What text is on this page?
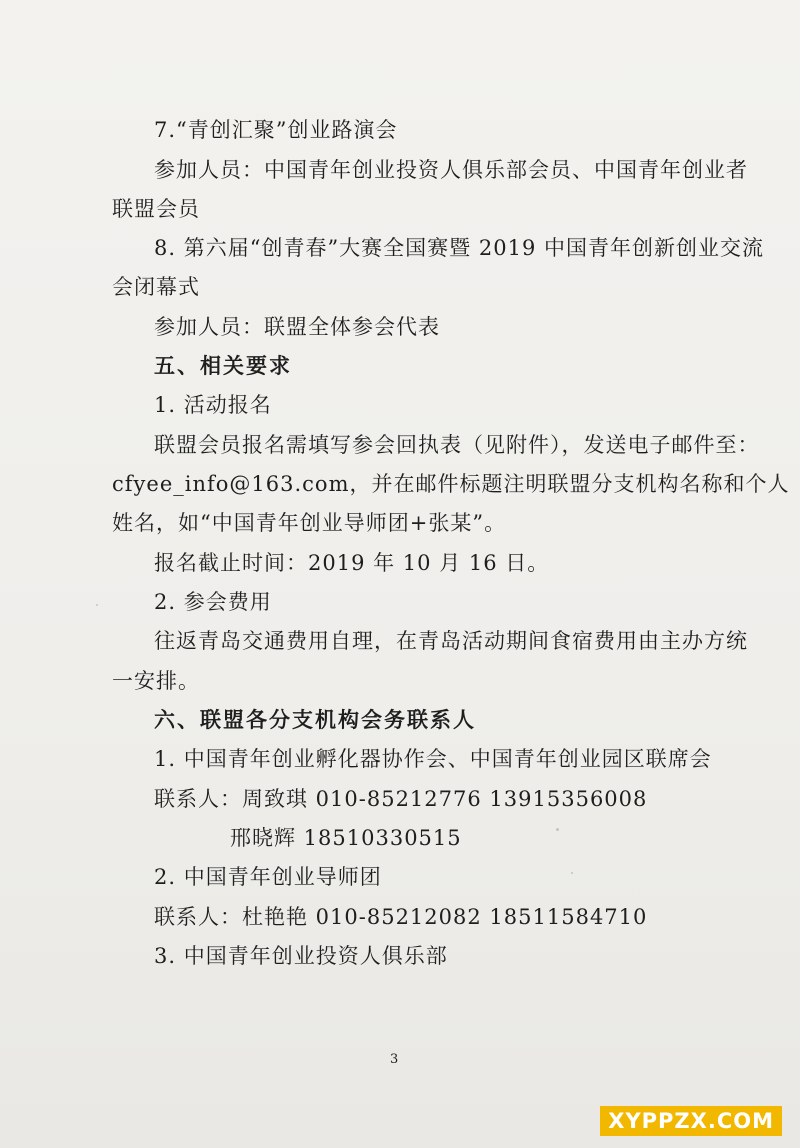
7.“青创汇聚”创业路演会
参加人员：中国青年创业投资人俱乐部会员、中国青年创业者
联盟会员
8. 第六届“创青春”大赛全国赛暨 2019 中国青年创新创业交流
会闭幕式
参加人员：联盟全体参会代表
五、相关要求
1. 活动报名
联盟会员报名需填写参会回执表（见附件），发送电子邮件至：
cfyee_info@163.com，并在邮件标题注明联盟分支机构名称和个人
姓名，如“中国青年创业导师团+张某”。
报名截止时间：2019 年 10 月 16 日。
2. 参会费用
往返青岛交通费用自理，在青岛活动期间食宿费用由主办方统
一安排。
六、联盟各分支机构会务联系人
1. 中国青年创业孵化器协作会、中国青年创业园区联席会
联系人：周致琪 010-85212776 13915356008
邢晓辉 18510330515
2. 中国青年创业导师团
联系人：杜艳艳 010-85212082 18511584710
3. 中国青年创业投资人俱乐部
3
XYPPZX.COM
